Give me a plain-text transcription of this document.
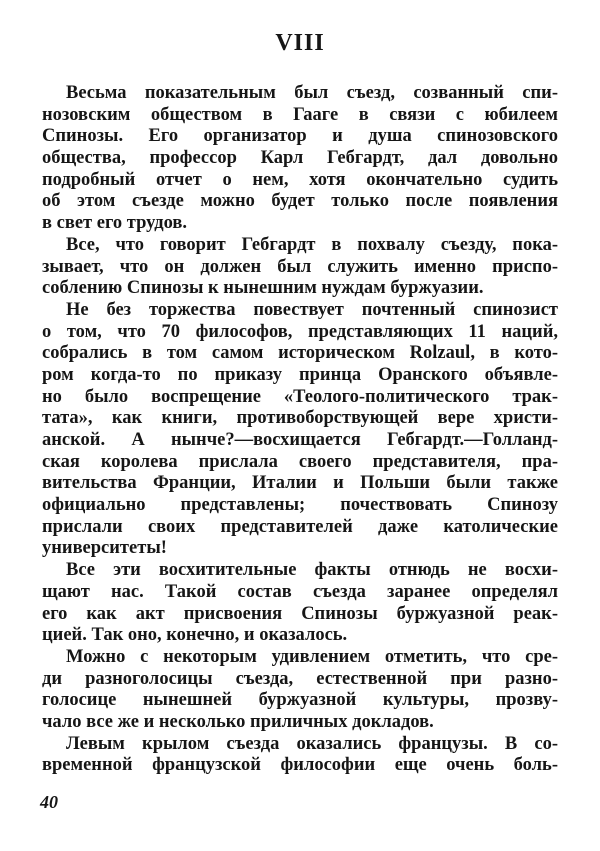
VIII
Весьма показательным был съезд, созванный спи-
нозовским обществом в Гааге в связи с юбилеем
Спинозы. Его организатор и душа спинозовского
общества, профессор Карл Гебгардт, дал довольно
подробный отчет о нем, хотя окончательно судить
об этом съезде можно будет только после появления
в свет его трудов.
Все, что говорит Гебгардт в похвалу съезду, пока-
зывает, что он должен был служить именно приспо-
соблению Спинозы к нынешним нуждам буржуазии.
Не без торжества повествует почтенный спинозист
о том, что 70 философов, представляющих 11 наций,
собрались в том самом историческом Rolzaul, в кото-
ром когда-то по приказу принца Оранского объявле-
но было воспрещение «Теолого-политического трак-
тата», как книги, противоборствующей вере христи-
анской. А нынче?—восхищается Гебгардт.—Голланд-
ская королева прислала своего представителя, пра-
вительства Франции, Италии и Польши были также
официально представлены; почествовать Спинозу
прислали своих представителей даже католические
университеты!
Все эти восхитительные факты отнюдь не восхи-
щают нас. Такой состав съезда заранее определял
его как акт присвоения Спинозы буржуазной реак-
цией. Так оно, конечно, и оказалось.
Можно с некоторым удивлением отметить, что сре-
ди разноголосицы съезда, естественной при разно-
голосице нынешней буржуазной культуры, прозву-
чало все же и несколько приличных докладов.
Левым крылом съезда оказались французы. В со-
временной французской философии еще очень боль-
40
